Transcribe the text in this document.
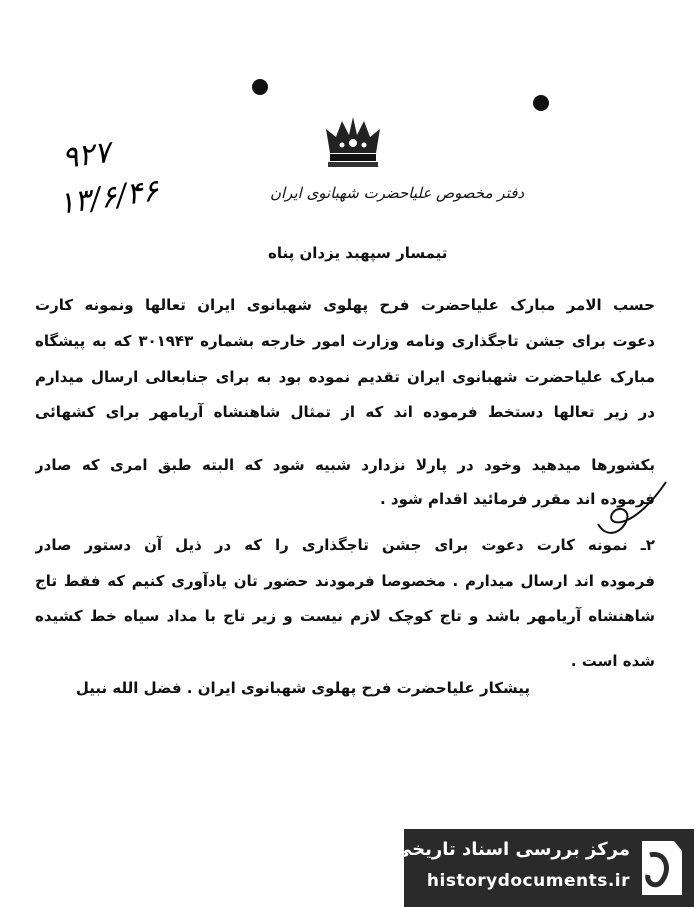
۹۲۷
۱۳/۶/۴۶	دفتر مخصوص علیاحضرت شهبانوی ایران
تیمسار سپهبد یزدان پناه
حسب الامر مبارک علیاحضرت فرح پهلوی شهبانوی ایران تعالها ونمونه کارت
دعوت برای جشن تاجگذاری ونامه وزارت امور خارجه بشماره ۳۰۱۹۴۳ که به پیشگاه
مبارک علیاحضرت شهبانوی ایران تقدیم نموده بود به برای جنابعالی ارسال میدارم
در زیر تعالها دستخط فرموده اند که از تمثال شاهنشاه آریامهر برای کشهائی
بکشورها میدهید وخود در پارلا نزدارد شبیه شود که البته طبق امری که صادر
فرموده اند مقرر فرمائید اقدام شود .
۲ـ نمونه کارت دعوت برای جشن تاجگذاری را که در ذیل آن دستور صادر
فرموده اند ارسال میدارم . مخصوصا فرمودند حضور تان یادآوری کنیم که فقط تاج
شاهنشاه آریامهر باشد و تاج کوچک لازم نیست و زیر تاج با مداد سیاه خط کشیده
شده است .
پیشکار علیاحضرت فرح پهلوی شهبانوی ایران . فضل الله نبیل
مرکز بررسی اسناد تاریخی
historydocuments.ir
